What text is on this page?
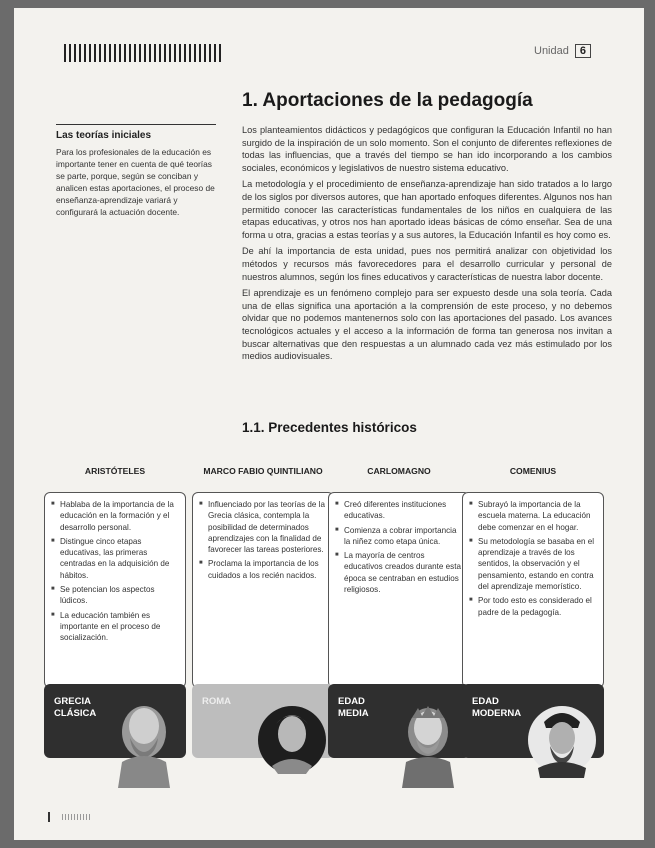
Unidad 6
1. Aportaciones de la pedagogía
Las teorías iniciales

Para los profesionales de la educación es importante tener en cuenta de qué teorías se parte, porque, según se conciban y analicen estas aportaciones, el proceso de enseñanza-aprendizaje variará y configurará la actuación docente.

Los planteamientos didácticos y pedagógicos que configuran la Educación Infantil no han surgido de la inspiración de un solo momento. Son el conjunto de diferentes reflexiones de todas las influencias, que a través del tiempo se han ido incorporando a los cambios sociales, económicos y legislativos de nuestro sistema educativo.

La metodología y el procedimiento de enseñanza-aprendizaje han sido tratados a lo largo de los siglos por diversos autores, que han aportado enfoques diferentes. Algunos nos han permitido conocer las características fundamentales de los niños en cualquiera de las etapas educativas, y otros nos han aportado ideas básicas de cómo enseñar. Sea de una forma u otra, gracias a estas teorías y a sus autores, la Educación Infantil es hoy como es.

De ahí la importancia de esta unidad, pues nos permitirá analizar con objetividad los métodos y recursos más favorecedores para el desarrollo curricular y personal de nuestros alumnos, según los fines educativos y características de nuestra labor docente.

El aprendizaje es un fenómeno complejo para ser expuesto desde una sola teoría. Cada una de ellas significa una aportación a la comprensión de este proceso, y no debemos olvidar que no podemos mantenernos solo con las aportaciones del pasado. Los avances tecnológicos actuales y el acceso a la información de forma tan generosa nos invitan a buscar alternativas que den respuestas a un alumnado cada vez más estimulado por los medios audiovisuales.

1.1. Precedentes históricos
ARISTÓTELES
■ Hablaba de la importancia de la educación en la formación y el desarrollo personal.
■ Distingue cinco etapas educativas, las primeras centradas en la adquisición de hábitos.
■ Se potencian los aspectos lúdicos.
■ La educación también es importante en el proceso de socialización.
MARCO FABIO QUINTILIANO
■ Influenciado por las teorías de la Grecia clásica, contempla la posibilidad de determinados aprendizajes con la finalidad de favorecer las tareas posteriores.
■ Proclama la importancia de los cuidados a los recién nacidos.
CARLOMAGNO
■ Creó diferentes instituciones educativas.
■ Comienza a cobrar importancia la niñez como etapa única.
■ La mayoría de centros educativos creados durante esta época se centraban en estudios religiosos.
COMENIUS
■ Subrayó la importancia de la escuela materna. La educación debe comenzar en el hogar.
■ Su metodología se basaba en el aprendizaje a través de los sentidos, la observación y el pensamiento, estando en contra del aprendizaje memorístico.
■ Por todo esto es considerado el padre de la pedagogía.
GRECIA CLÁSICA
ROMA	EDAD MEDIA
EDAD MODERNA
